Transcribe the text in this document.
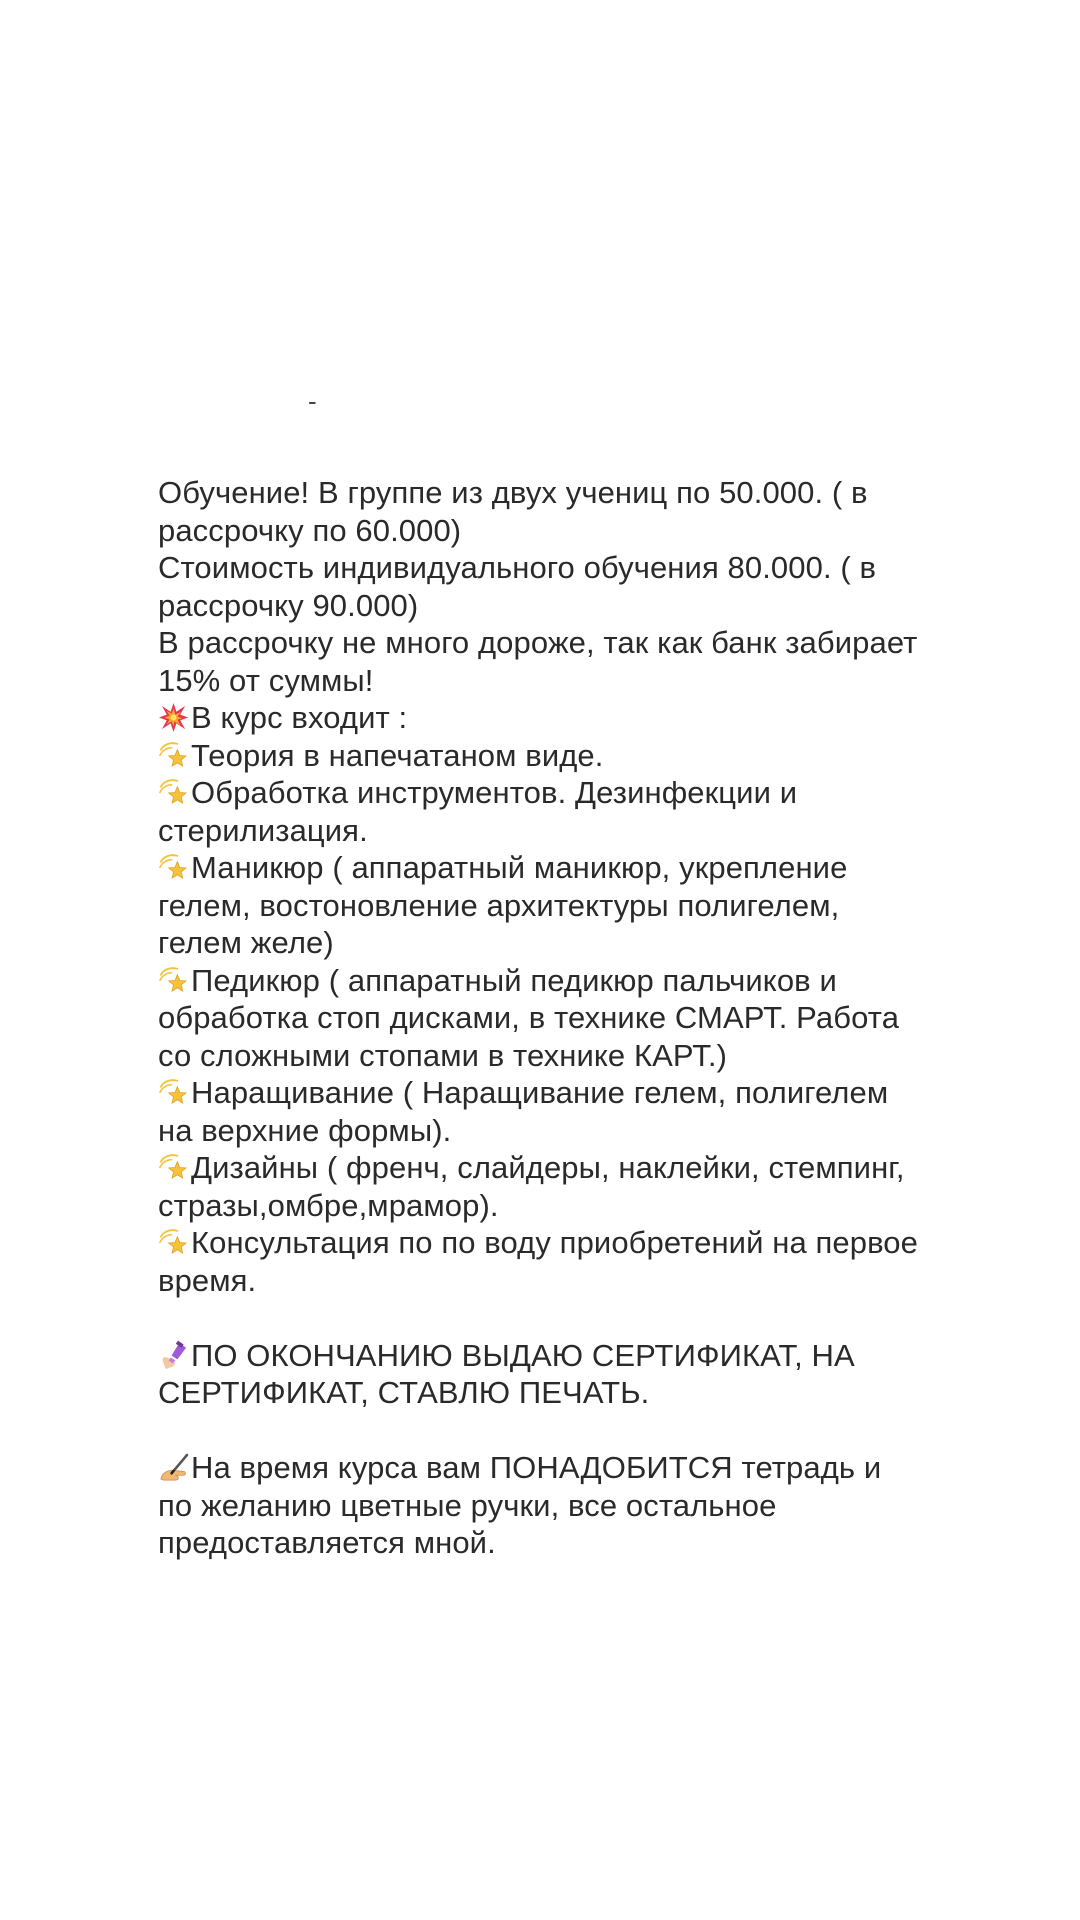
-

Обучение! В группе из двух учениц по 50.000. ( в рассрочку по 60.000)

Стоимость индивидуального обучения 80.000. ( в рассрочку 90.000)

В рассрочку не много дороже, так как банк забирает 15% от суммы!

В курс входит :

Теория в напечатаном виде.

Обработка инструментов. Дезинфекции и стерилизация.

Маникюр ( аппаратный маникюр, укрепление гелем, востоновление архитектуры полигелем, гелем желе)

Педикюр ( аппаратный педикюр пальчиков и обработка стоп дисками, в технике СМАРТ. Работа со сложными стопами в технике КАРТ.)

Наращивание ( Наращивание гелем, полигелем на верхние формы).

Дизайны ( френч, слайдеры, наклейки, стемпинг, стразы,омбре,мрамор).

Консультация по по воду приобретений на первое время.

ПО ОКОНЧАНИЮ ВЫДАЮ СЕРТИФИКАТ, НА СЕРТИФИКАТ, СТАВЛЮ ПЕЧАТЬ.

На время курса вам ПОНАДОБИТСЯ тетрадь и по желанию цветные ручки, все остальное предоставляется мной.
